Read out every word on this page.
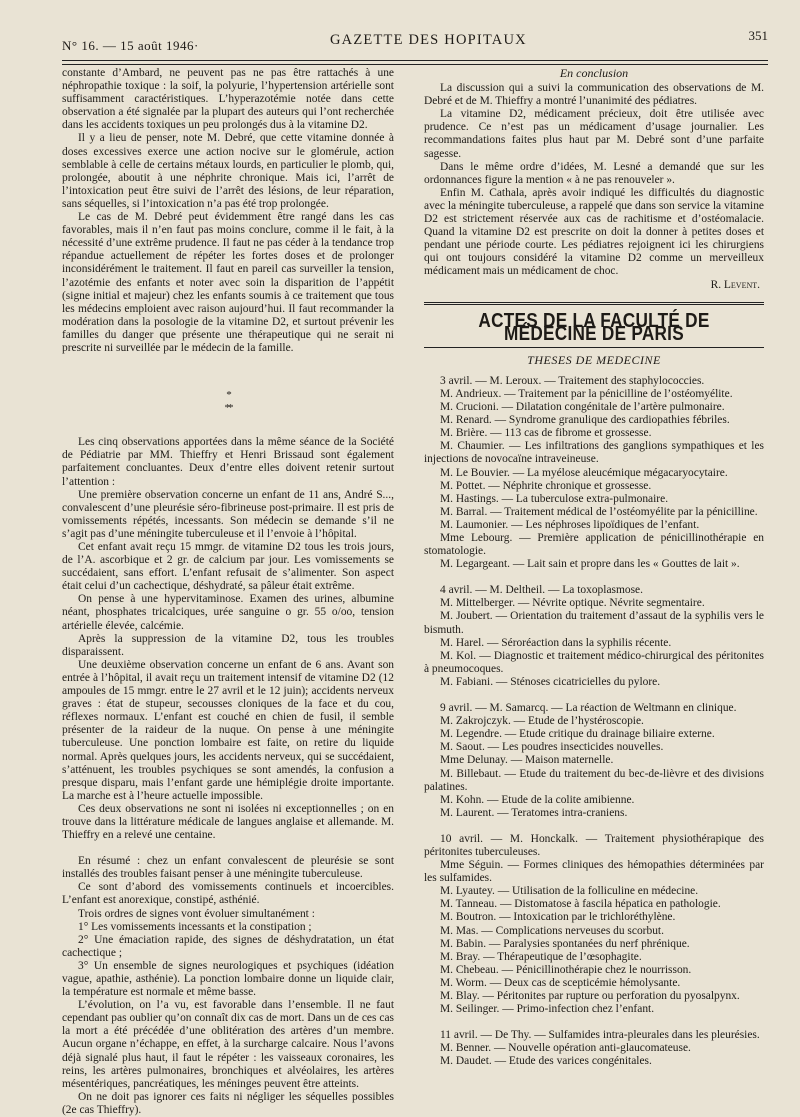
N° 16. — 15 août 1946·	GAZETTE DES HOPITAUX	351

constante d’Ambard, ne peuvent pas ne pas être rattachés à une néphropathie toxique : la soif, la polyurie, l’hypertension artérielle sont suffisamment caractéristiques. L’hyperazotémie notée dans cette observation a été signalée par la plupart des auteurs qui l’ont recherchée dans les accidents toxiques un peu prolongés dus à la vitamine D2.

Il y a lieu de penser, note M. Debré, que cette vitamine donnée à doses excessives exerce une action nocive sur le glomérule, action semblable à celle de certains métaux lourds, en particulier le plomb, qui, prolongée, aboutit à une néphrite chronique. Mais ici, l’arrêt de l’intoxication peut être suivi de l’arrêt des lésions, de leur réparation, sans séquelles, si l’intoxication n’a pas été trop prolongée.

Le cas de M. Debré peut évidemment être rangé dans les cas favorables, mais il n’en faut pas moins conclure, comme il le fait, à la nécessité d’une extrême prudence. Il faut ne pas céder à la tendance trop répandue actuellement de répéter les fortes doses et de prolonger inconsidérément le traitement. Il faut en pareil cas surveiller la tension, l’azotémie des enfants et noter avec soin la disparition de l’appétit (signe initial et majeur) chez les enfants soumis à ce traitement que tous les médecins emploient avec raison aujourd’hui. Il faut recommander la modération dans la posologie de la vitamine D2, et surtout prévenir les familles du danger que présente une thérapeutique qui ne serait ni prescrite ni surveillée par le médecin de la famille.

*
**

Les cinq observations apportées dans la même séance de la Société de Pédiatrie par MM. Thieffry et Henri Brissaud sont également parfaitement concluantes. Deux d’entre elles doivent retenir surtout l’attention :

Une première observation concerne un enfant de 11 ans, André S..., convalescent d’une pleurésie séro-fibrineuse post-primaire. Il est pris de vomissements répétés, incessants. Son médecin se demande s’il ne s’agit pas d’une méningite tuberculeuse et il l’envoie à l’hôpital.

Cet enfant avait reçu 15 mmgr. de vitamine D2 tous les trois jours, de l’A. ascorbique et 2 gr. de calcium par jour. Les vomissements se succédaient, sans effort. L’enfant refusait de s’alimenter. Son aspect était celui d’un cachectique, déshydraté, sa pâleur était extrême.

On pense à une hypervitaminose. Examen des urines, albumine néant, phosphates tricalciques, urée sanguine o gr. 55 o/oo, tension artérielle élevée, calcémie.

Après la suppression de la vitamine D2, tous les troubles disparaissent.

Une deuxième observation concerne un enfant de 6 ans. Avant son entrée à l’hôpital, il avait reçu un traitement intensif de vitamine D2 (12 ampoules de 15 mmgr. entre le 27 avril et le 12 juin); accidents nerveux graves : état de stupeur, secousses cloniques de la face et du cou, réflexes normaux. L’enfant est couché en chien de fusil, il semble présenter de la raideur de la nuque. On pense à une méningite tuberculeuse. Une ponction lombaire est faite, on retire du liquide normal. Après quelques jours, les accidents nerveux, qui se succédaient, s’atténuent, les troubles psychiques se sont amendés, la confusion a presque disparu, mais l’enfant garde une hémiplégie droite importante. La marche est à l’heure actuelle impossible.

Ces deux observations ne sont ni isolées ni exceptionnelles ; on en trouve dans la littérature médicale de langues anglaise et allemande. M. Thieffry en a relevé une centaine.

En résumé : chez un enfant convalescent de pleurésie se sont installés des troubles faisant penser à une méningite tuberculeuse.

Ce sont d’abord des vomissements continuels et incoercibles. L’enfant est anorexique, constipé, asthénié.

Trois ordres de signes vont évoluer simultanément :

1° Les vomissements incessants et la constipation ;

2° Une émaciation rapide, des signes de déshydratation, un état cachectique ;

3° Un ensemble de signes neurologiques et psychiques (idéation vague, apathie, asthénie). La ponction lombaire donne un liquide clair, la température est normale et même basse.

L’évolution, on l’a vu, est favorable dans l’ensemble. Il ne faut cependant pas oublier qu’on connaît dix cas de mort. Dans un de ces cas la mort a été précédée d’une oblitération des artères d’un membre. Aucun organe n’échappe, en effet, à la surcharge calcaire. Nous l’avons déjà signalé plus haut, il faut le répéter : les vaisseaux coronaires, les reins, les artères pulmonaires, bronchiques et alvéolaires, les artères mésentériques, pancréatiques, les méninges peuvent être atteints.

On ne doit pas ignorer ces faits ni négliger les séquelles possibles (2e cas Thieffry).

En conclusion

La discussion qui a suivi la communication des observations de M. Debré et de M. Thieffry a montré l’unanimité des pédiatres.

La vitamine D2, médicament précieux, doit être utilisée avec prudence. Ce n’est pas un médicament d’usage journalier. Les recommandations faites plus haut par M. Debré sont d’une parfaite sagesse.

Dans le même ordre d’idées, M. Lesné a demandé que sur les ordonnances figure la mention « à ne pas renouveler ».

Enfin M. Cathala, après avoir indiqué les difficultés du diagnostic avec la méningite tuberculeuse, a rappelé que dans son service la vitamine D2 est strictement réservée aux cas de rachitisme et d’ostéomalacie. Quand la vitamine D2 est prescrite on doit la donner à petites doses et pendant une période courte. Les pédiatres rejoignent ici les chirurgiens qui ont toujours considéré la vitamine D2 comme un merveilleux médicament mais un médicament de choc.

R. Levent.

ACTES DE LA FACULTÉ DE MÉDECINE DE PARIS
THESES DE MEDECINE

3 avril. — M. Leroux. — Traitement des staphylococcies.

M. Andrieux. — Traitement par la pénicilline de l’ostéomyélite.

M. Crucioni. — Dilatation congénitale de l’artère pulmonaire.

M. Renard. — Syndrome granulique des cardiopathies fébriles.

M. Brière. — 113 cas de fibrome et grossesse.

M. Chaumier. — Les infiltrations des ganglions sympathiques et les injections de novocaïne intraveineuse.

M. Le Bouvier. — La myélose aleucémique mégacaryocytaire.

M. Pottet. — Néphrite chronique et grossesse.

M. Hastings. — La tuberculose extra-pulmonaire.

M. Barral. — Traitement médical de l’ostéomyélite par la pénicilline.

M. Laumonier. — Les néphroses lipoïdiques de l’enfant.

Mme Lebourg. — Première application de pénicillinothérapie en stomatologie.

M. Legargeant. — Lait sain et propre dans les « Gouttes de lait ».

4 avril. — M. Deltheil. — La toxoplasmose.

M. Mittelberger. — Névrite optique. Névrite segmentaire.

M. Joubert. — Orientation du traitement d’assaut de la syphilis vers le bismuth.

M. Harel. — Séroréaction dans la syphilis récente.

M. Kol. — Diagnostic et traitement médico-chirurgical des péritonites à pneumocoques.

M. Fabiani. — Sténoses cicatricielles du pylore.

9 avril. — M. Samarcq. — La réaction de Weltmann en clinique.

M. Zakrojczyk. — Etude de l’hystéroscopie.

M. Legendre. — Etude critique du drainage biliaire externe.

M. Saout. — Les poudres insecticides nouvelles.

Mme Delunay. — Maison maternelle.

M. Billebaut. — Etude du traitement du bec-de-lièvre et des divisions palatines.

M. Kohn. — Etude de la colite amibienne.

M. Laurent. — Teratomes intra-craniens.

10 avril. — M. Honckalk. — Traitement physiothérapique des péritonites tuberculeuses.

Mme Séguin. — Formes cliniques des hémopathies déterminées par les sulfamides.

M. Lyautey. — Utilisation de la folliculine en médecine.

M. Tanneau. — Distomatose à fascila hépatica en pathologie.

M. Boutron. — Intoxication par le trichloréthylène.

M. Mas. — Complications nerveuses du scorbut.

M. Babin. — Paralysies spontanées du nerf phrénique.

M. Bray. — Thérapeutique de l’œsophagite.

M. Chebeau. — Pénicillinothérapie chez le nourrisson.

M. Worm. — Deux cas de scepticémie hémolysante.

M. Blay. — Péritonites par rupture ou perforation du pyosalpynx.

M. Seilinger. — Primo-infection chez l’enfant.

11 avril. — De Thy. — Sulfamides intra-pleurales dans les pleurésies.

M. Benner. — Nouvelle opération anti-glaucomateuse.

M. Daudet. — Etude des varices congénitales.
